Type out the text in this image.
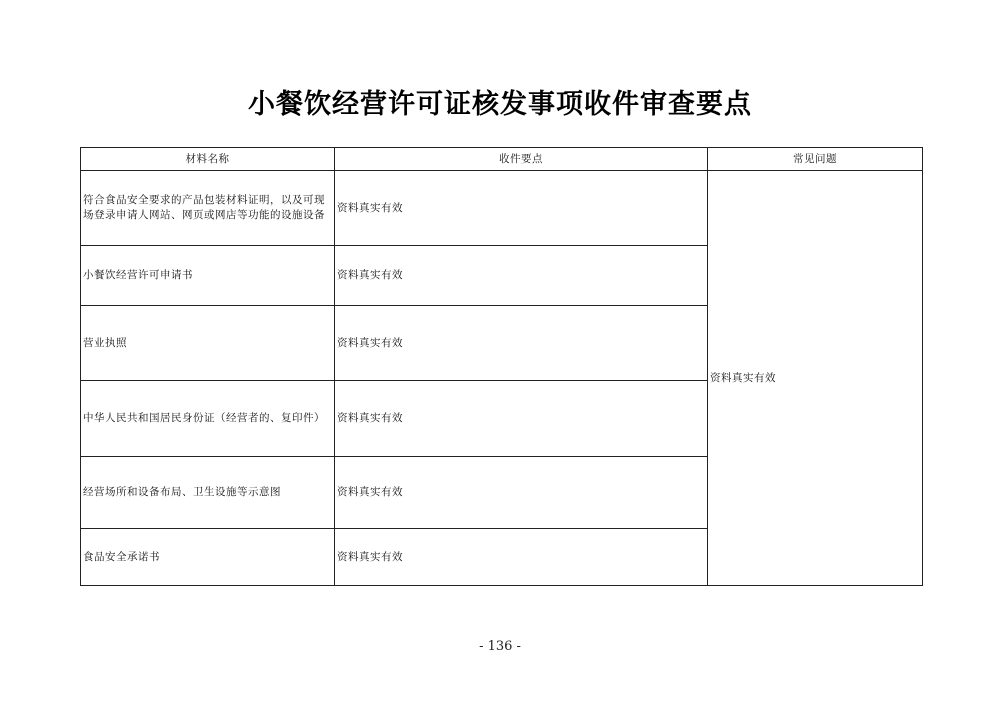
小餐饮经营许可证核发事项收件审查要点
材料名称	收件要点	常见问题
符合食品安全要求的产品包装材料证明，以及可现场登录申请人网站、网页或网店等功能的设施设备	资料真实有效	资料真实有效
小餐饮经营许可申请书	资料真实有效	
营业执照	资料真实有效	
中华人民共和国居民身份证（经营者的、复印件）	资料真实有效	
经营场所和设备布局、卫生设施等示意图	资料真实有效	
食品安全承诺书	资料真实有效	
- 136 -
